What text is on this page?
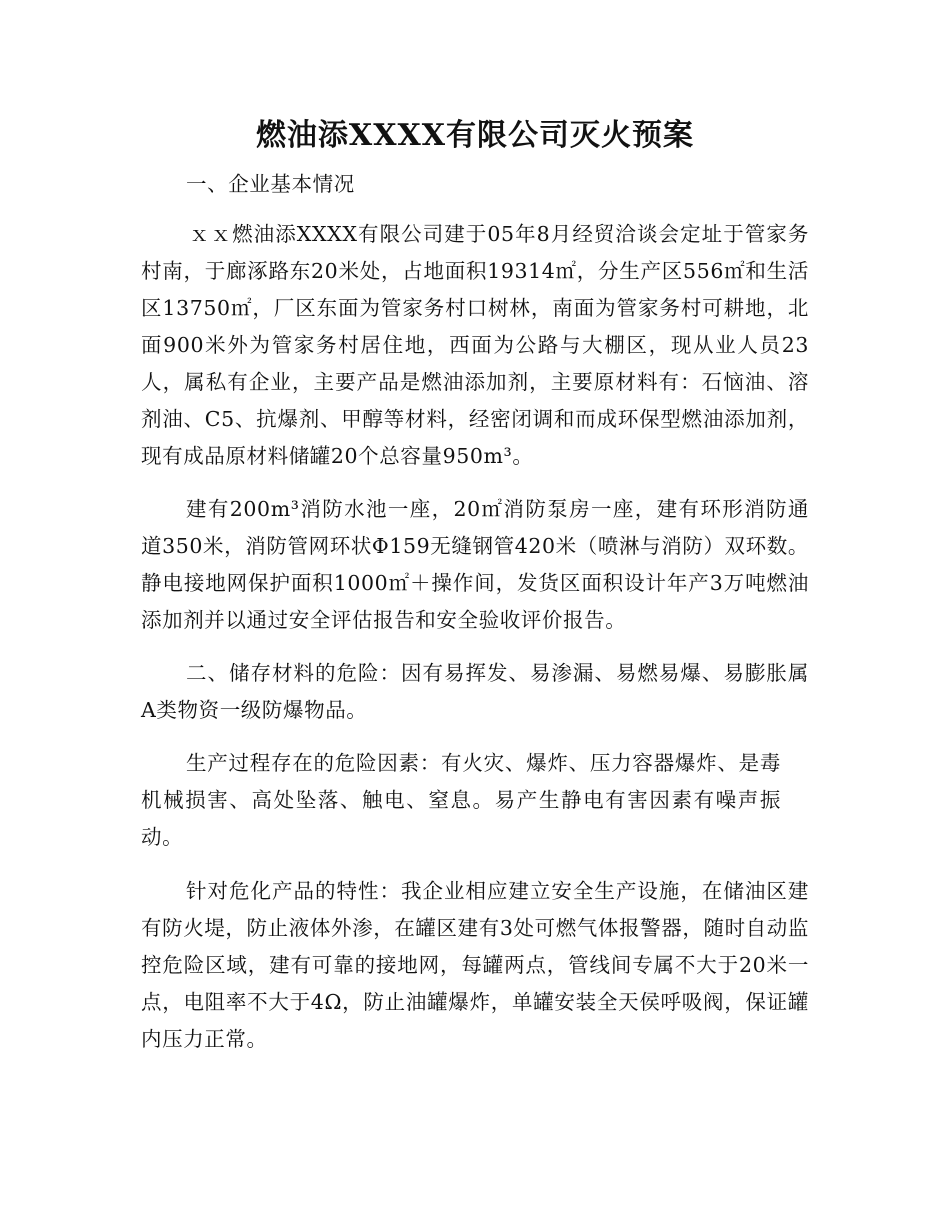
燃油添XXXX有限公司灭火预案

一、企业基本情况

ｘｘ燃油添XXXX有限公司建于05年8月经贸洽谈会定址于管家务村南，于廊涿路东20米处，占地面积19314㎡，分生产区556㎡和生活区13750㎡，厂区东面为管家务村口树林，南面为管家务村可耕地，北面900米外为管家务村居住地，西面为公路与大棚区，现从业人员23人，属私有企业，主要产品是燃油添加剂，主要原材料有：石恼油、溶剂油、C5、抗爆剂、甲醇等材料，经密闭调和而成环保型燃油添加剂，现有成品原材料储罐20个总容量950m³。

建有200m³消防水池一座，20㎡消防泵房一座，建有环形消防通道350米，消防管网环状Φ159无缝钢管420米（喷淋与消防）双环数。静电接地网保护面积1000㎡＋操作间，发货区面积设计年产3万吨燃油添加剂并以通过安全评估报告和安全验收评价报告。

二、储存材料的危险：因有易挥发、易渗漏、易燃易爆、易膨胀属A类物资一级防爆物品。

生产过程存在的危险因素：有火灾、爆炸、压力容器爆炸、是毒机械损害、高处坠落、触电、窒息。易产生静电有害因素有噪声振动。

针对危化产品的特性：我企业相应建立安全生产设施，在储油区建有防火堤，防止液体外渗，在罐区建有3处可燃气体报警器，随时自动监控危险区域，建有可靠的接地网，每罐两点，管线间专属不大于20米一点，电阻率不大于4Ω，防止油罐爆炸，单罐安装全天侯呼吸阀，保证罐内压力正常。
